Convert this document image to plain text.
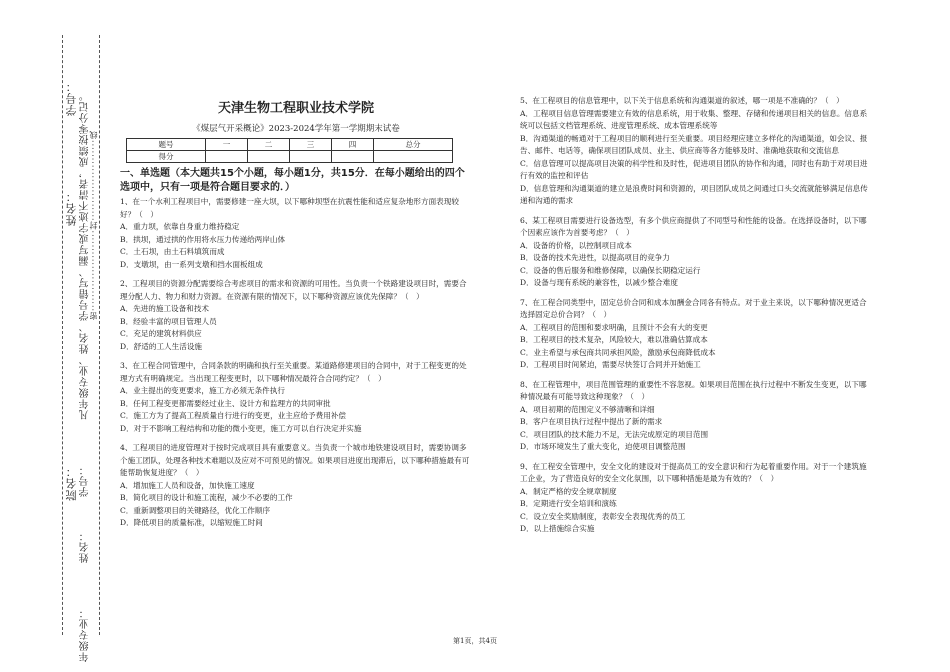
学号：
姓名： 年级专业：　　　　姓名：　　　学号：　　　　凡年级专业、姓名、学号错写、漏写或字迹不清者，成绩按零分记。
密·······················封·······················线
院名：
天津生物工程职业技术学院
《煤层气开采概论》2023-2024学年第一学期期末试卷
题号	一	二	三	四	总分
得分					
一、单选题（本大题共15个小题，每小题1分，共15分．在每小题给出的四个选项中，只有一项是符合题目要求的．）

1、在一个水利工程项目中，需要修建一座大坝，以下哪种坝型在抗震性能和适应复杂地形方面表现较好？（　）

A．重力坝，依靠自身重力维持稳定

B．拱坝，通过拱的作用将水压力传递给两岸山体

C．土石坝，由土石料填筑而成

D．支墩坝，由一系列支墩和挡水面板组成

2、工程项目的资源分配需要综合考虑项目的需求和资源的可用性。当负责一个铁路建设项目时，需要合理分配人力、物力和财力资源。在资源有限的情况下，以下哪种资源应该优先保障？（　）

A．先进的施工设备和技术

B．经验丰富的项目管理人员

C．充足的建筑材料供应

D．舒适的工人生活设施

3、在工程合同管理中，合同条款的明确和执行至关重要。某道路修建项目的合同中，对于工程变更的处理方式有明确规定。当出现工程变更时，以下哪种情况最符合合同约定？（　）

A．业主提出的变更要求，施工方必须无条件执行

B．任何工程变更都需要经过业主、设计方和监理方的共同审批

C．施工方为了提高工程质量自行进行的变更，业主应给予费用补偿

D．对于不影响工程结构和功能的微小变更，施工方可以自行决定并实施

4、工程项目的进度管理对于按时完成项目具有重要意义。当负责一个城市地铁建设项目时，需要协调多个施工团队，处理各种技术难题以及应对不可预见的情况。如果项目进度出现滞后，以下哪种措施最有可能帮助恢复进度？（　）

A．增加施工人员和设备，加快施工速度

B．简化项目的设计和施工流程，减少不必要的工作

C．重新调整项目的关键路径，优化工作顺序

D．降低项目的质量标准，以缩短施工时间

5、在工程项目的信息管理中，以下关于信息系统和沟通渠道的叙述，哪一项是不准确的？（　）

A．工程项目信息管理需要建立有效的信息系统，用于收集、整理、存储和传递项目相关的信息。信息系统可以包括文档管理系统、进度管理系统、成本管理系统等

B．沟通渠道的畅通对于工程项目的顺利进行至关重要。项目经理应建立多样化的沟通渠道，如会议、报告、邮件、电话等，确保项目团队成员、业主、供应商等各方能够及时、准确地获取和交流信息

C．信息管理可以提高项目决策的科学性和及时性，促进项目团队的协作和沟通，同时也有助于对项目进行有效的监控和评估

D．信息管理和沟通渠道的建立是浪费时间和资源的，项目团队成员之间通过口头交流就能够满足信息传递和沟通的需求

6、某工程项目需要进行设备选型，有多个供应商提供了不同型号和性能的设备。在选择设备时，以下哪个因素应该作为首要考虑？（　）

A．设备的价格，以控制项目成本

B．设备的技术先进性，以提高项目的竞争力

C．设备的售后服务和维修保障，以确保长期稳定运行

D．设备与现有系统的兼容性，以减少整合难度

7、在工程合同类型中，固定总价合同和成本加酬金合同各有特点。对于业主来说，以下哪种情况更适合选择固定总价合同？（　）

A．工程项目的范围和要求明确，且预计不会有大的变更

B．工程项目的技术复杂，风险较大，难以准确估算成本

C．业主希望与承包商共同承担风险，激励承包商降低成本

D．工程项目时间紧迫，需要尽快签订合同并开始施工

8、在工程管理中，项目范围管理的重要性不容忽视。如果项目范围在执行过程中不断发生变更，以下哪种情况最有可能导致这种现象？（　）

A．项目初期的范围定义不够清晰和详细

B．客户在项目执行过程中提出了新的需求

C．项目团队的技术能力不足，无法完成原定的项目范围

D．市场环境发生了重大变化，迫使项目调整范围

9、在工程安全管理中，安全文化的建设对于提高员工的安全意识和行为起着重要作用。对于一个建筑施工企业，为了营造良好的安全文化氛围，以下哪种措施是最为有效的？（　）

A．制定严格的安全规章制度

B．定期进行安全培训和演练

C．设立安全奖励制度，表彰安全表现优秀的员工

D．以上措施综合实施

第1页，共4页
